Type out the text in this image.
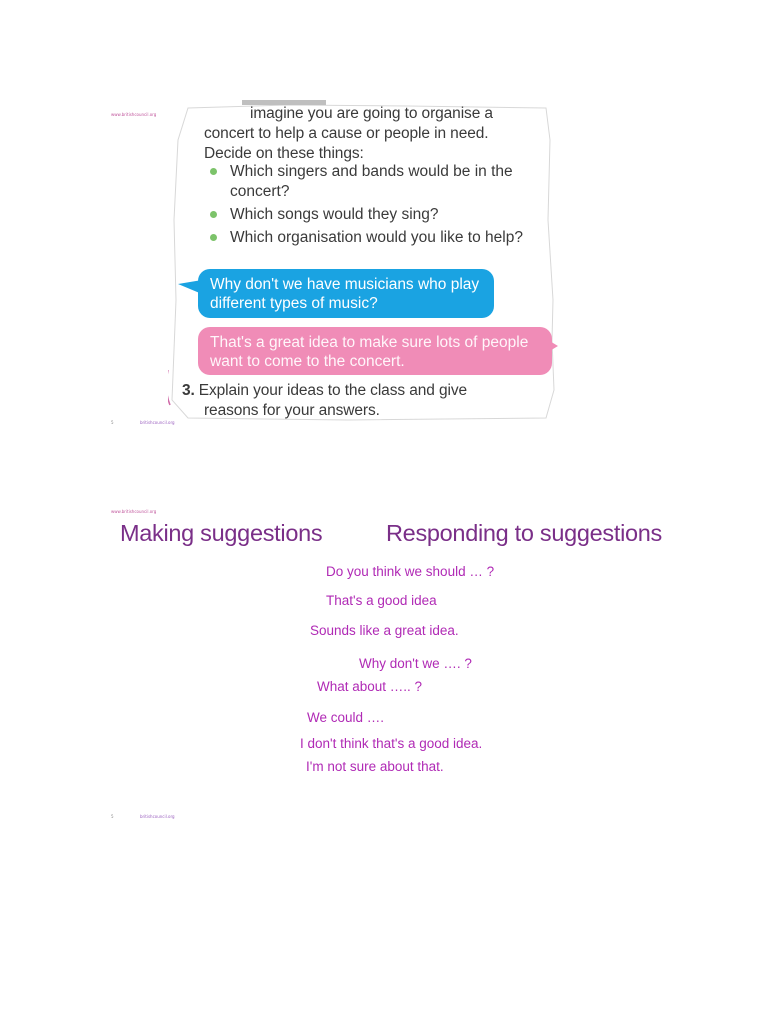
www.britishcouncil.org	imagine you are going to organise a
concert to help a cause or people in need.
Decide on these things:
Which singers and bands would be in the concert?
Which songs would they sing?
Which organisation would you like to help?
Why don't we have musicians who play different types of music?
That's a great idea to make sure lots of people want to come to the concert.
3. Explain your ideas to the class and give
reasons for your answers.
5	britishcouncil.org
www.britishcouncil.org
Making suggestions	Responding to suggestions
Do you think we should … ?
That's a good idea
Sounds like a great idea.
Why don't we …. ?
What about ….. ?
We could ….
I don't think that's a good idea.
I'm not sure about that.
5	britishcouncil.org
